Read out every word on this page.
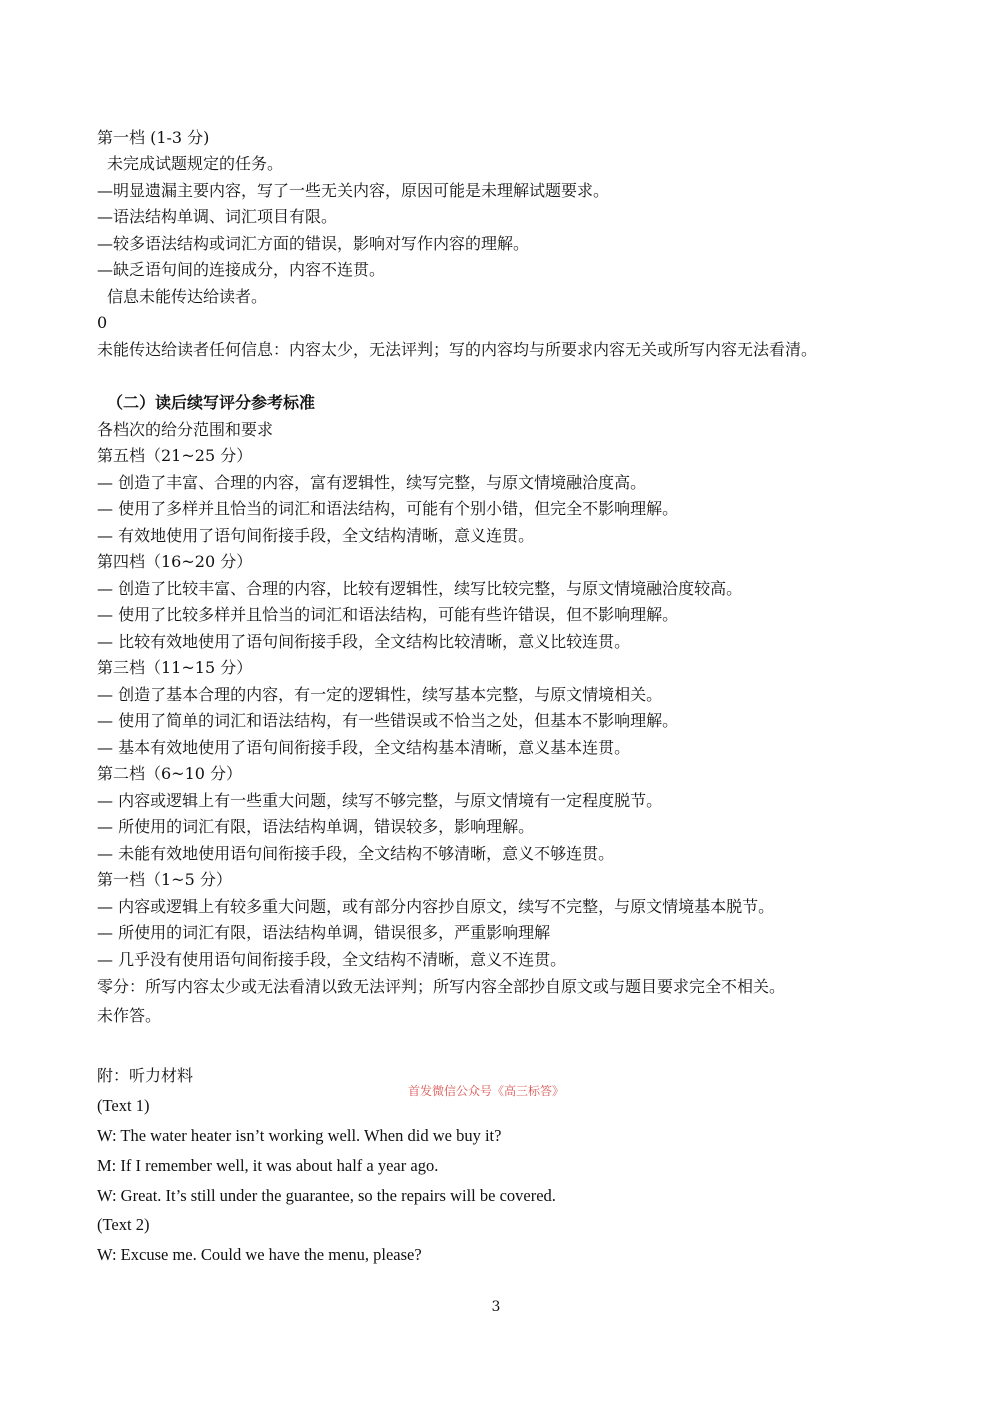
第一档 (1-3 分)
未完成试题规定的任务。
—明显遗漏主要内容，写了一些无关内容，原因可能是未理解试题要求。
—语法结构单调、词汇项目有限。
—较多语法结构或词汇方面的错误，影响对写作内容的理解。
—缺乏语句间的连接成分，内容不连贯。
信息未能传达给读者。
0
未能传达给读者任何信息：内容太少，无法评判；写的内容均与所要求内容无关或所写内容无法看清。
（二）读后续写评分参考标准
各档次的给分范围和要求
第五档（21~25 分）
— 创造了丰富、合理的内容，富有逻辑性，续写完整，与原文情境融洽度高。
— 使用了多样并且恰当的词汇和语法结构，可能有个别小错，但完全不影响理解。
— 有效地使用了语句间衔接手段，全文结构清晰，意义连贯。
第四档（16~20 分）
— 创造了比较丰富、合理的内容，比较有逻辑性，续写比较完整，与原文情境融洽度较高。
— 使用了比较多样并且恰当的词汇和语法结构，可能有些许错误，但不影响理解。
— 比较有效地使用了语句间衔接手段，全文结构比较清晰，意义比较连贯。
第三档（11~15 分）
— 创造了基本合理的内容，有一定的逻辑性，续写基本完整，与原文情境相关。
— 使用了简单的词汇和语法结构，有一些错误或不恰当之处，但基本不影响理解。
— 基本有效地使用了语句间衔接手段，全文结构基本清晰，意义基本连贯。
第二档（6~10 分）
— 内容或逻辑上有一些重大问题，续写不够完整，与原文情境有一定程度脱节。
— 所使用的词汇有限，语法结构单调，错误较多，影响理解。
— 未能有效地使用语句间衔接手段，全文结构不够清晰，意义不够连贯。
第一档（1~5 分）
— 内容或逻辑上有较多重大问题，或有部分内容抄自原文，续写不完整，与原文情境基本脱节。
— 所使用的词汇有限，语法结构单调，错误很多，严重影响理解
— 几乎没有使用语句间衔接手段，全文结构不清晰，意义不连贯。
零分：所写内容太少或无法看清以致无法评判；所写内容全部抄自原文或与题目要求完全不相关。
未作答。
附：听力材料
首发微信公众号《高三标答》
(Text 1)
W: The water heater isn’t working well. When did we buy it?
M: If I remember well, it was about half a year ago.
W: Great. It’s still under the guarantee, so the repairs will be covered.
(Text 2)
W: Excuse me. Could we have the menu, please?
3
